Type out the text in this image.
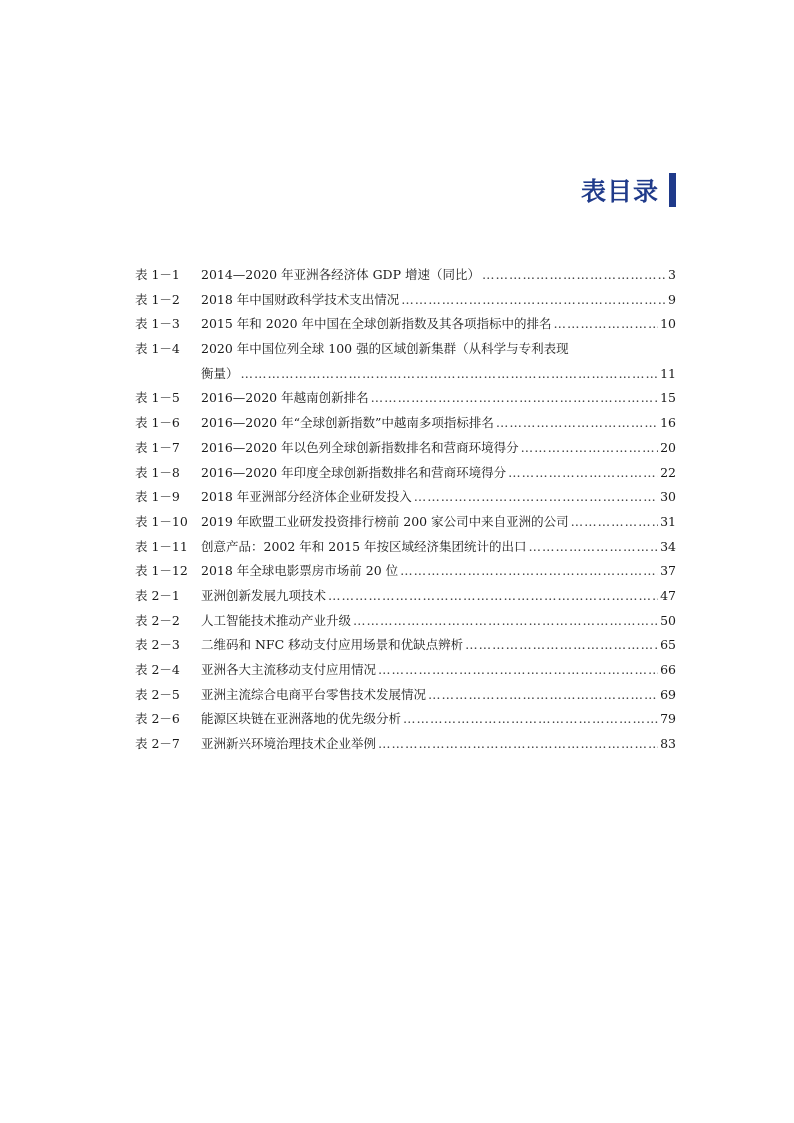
表目录
表 1－1	2014—2020 年亚洲各经济体 GDP 增速（同比） ……………………………………………………………………………………………………………………………………	3
表 1－2	2018 年中国财政科学技术支出情况 ……………………………………………………………………………………………………………………………………	9
表 1－3	2015 年和 2020 年中国在全球创新指数及其各项指标中的排名 ……………………………………………………………………………………………………………………………………	10
表 1－4	2020 年中国位列全球 100 强的区域创新集群（从科学与专利表现
衡量） ……………………………………………………………………………………………………………………………………	11
表 1－5	2016—2020 年越南创新排名 ……………………………………………………………………………………………………………………………………	15
表 1－6	2016—2020 年“全球创新指数”中越南多项指标排名 ……………………………………………………………………………………………………………………………………	16
表 1－7	2016—2020 年以色列全球创新指数排名和营商环境得分 ……………………………………………………………………………………………………………………………………	20
表 1－8	2016—2020 年印度全球创新指数排名和营商环境得分 ……………………………………………………………………………………………………………………………………	22
表 1－9	2018 年亚洲部分经济体企业研发投入 ……………………………………………………………………………………………………………………………………	30
表 1－10	2019 年欧盟工业研发投资排行榜前 200 家公司中来自亚洲的公司 ……………………………………………………………………………………………………………………………………	31
表 1－11	创意产品：2002 年和 2015 年按区域经济集团统计的出口 ……………………………………………………………………………………………………………………………………	34
表 1－12	2018 年全球电影票房市场前 20 位 ……………………………………………………………………………………………………………………………………	37
表 2－1	亚洲创新发展九项技术 ……………………………………………………………………………………………………………………………………	47
表 2－2	人工智能技术推动产业升级 ……………………………………………………………………………………………………………………………………	50
表 2－3	二维码和 NFC 移动支付应用场景和优缺点辨析 ……………………………………………………………………………………………………………………………………	65
表 2－4	亚洲各大主流移动支付应用情况 ……………………………………………………………………………………………………………………………………	66
表 2－5	亚洲主流综合电商平台零售技术发展情况 ……………………………………………………………………………………………………………………………………	69
表 2－6	能源区块链在亚洲落地的优先级分析 ……………………………………………………………………………………………………………………………………	79
表 2－7	亚洲新兴环境治理技术企业举例 ……………………………………………………………………………………………………………………………………	83
